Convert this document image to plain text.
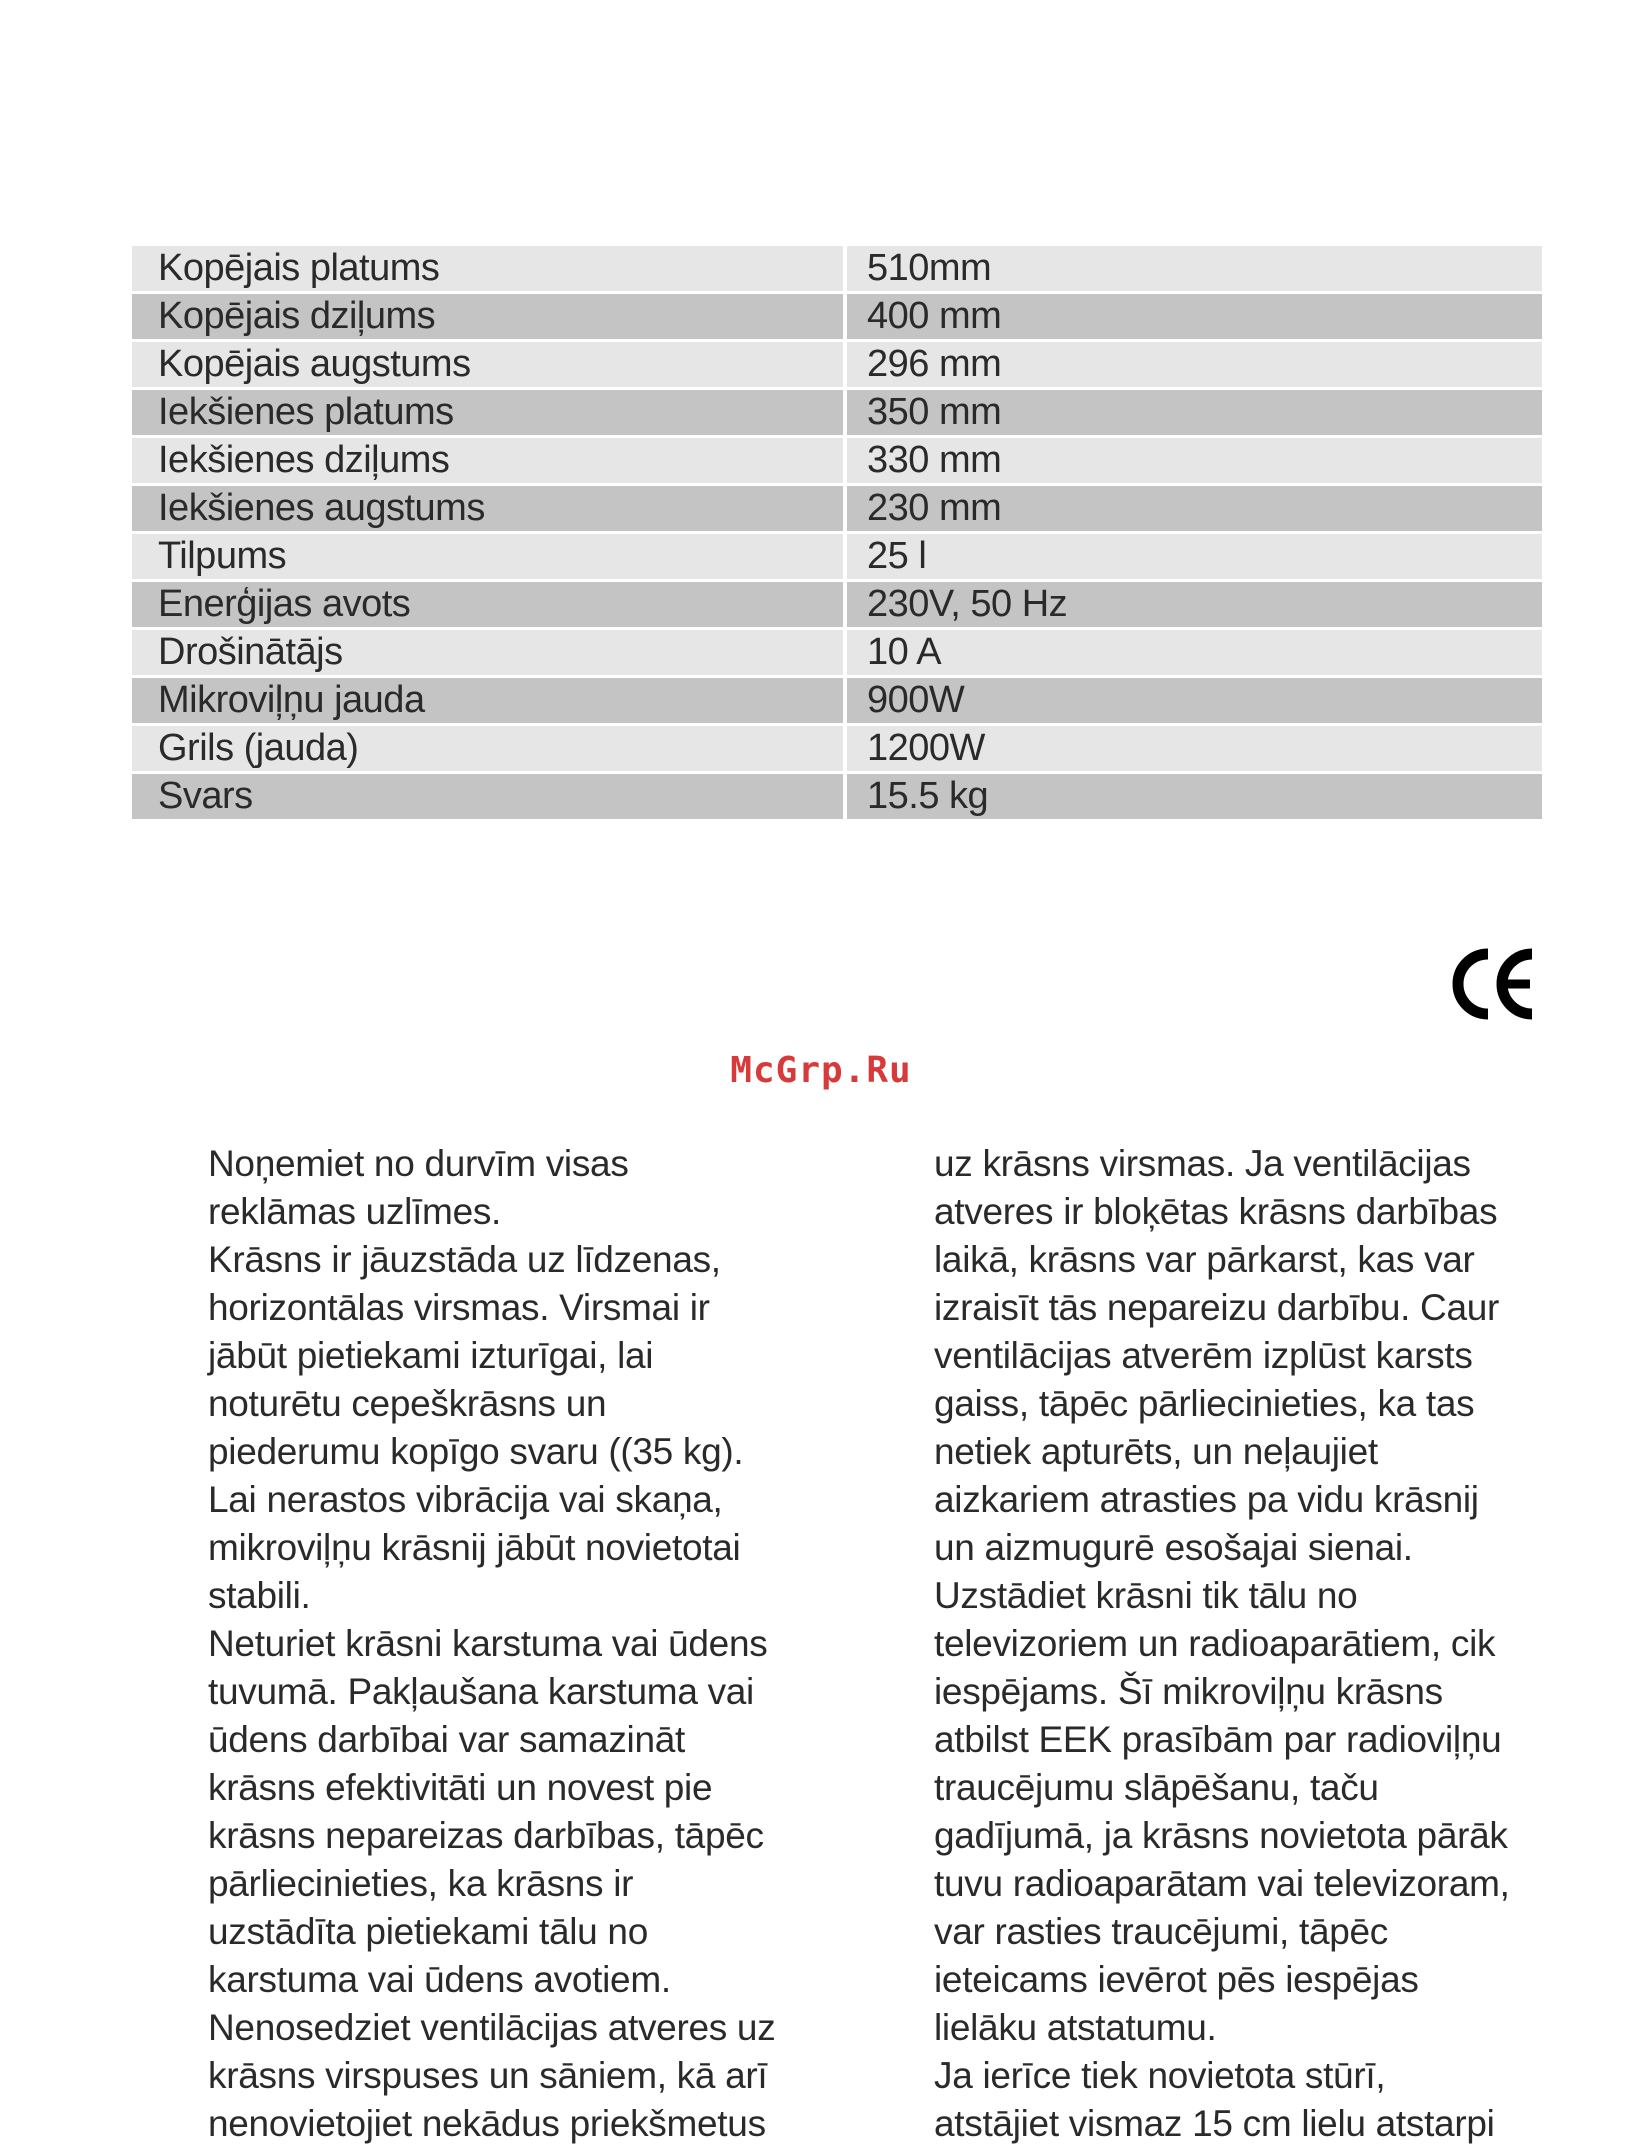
Kopējais platums	510mm
Kopējais dziļums	400 mm
Kopējais augstums	296 mm
Iekšienes platums	350 mm
Iekšienes dziļums	330 mm
Iekšienes augstums	230 mm
Tilpums	25 l
Enerģijas avots	230V, 50 Hz
Drošinātājs	10 A
Mikroviļņu jauda	900W
Grils (jauda)	1200W
Svars	15.5 kg
McGrp.Ru
Noņemiet no durvīm visas
reklāmas uzlīmes.
Krāsns ir jāuzstāda uz līdzenas,
horizontālas virsmas. Virsmai ir
jābūt pietiekami izturīgai, lai
noturētu cepeškrāsns un
piederumu kopīgo svaru ((35 kg).
Lai nerastos vibrācija vai skaņa,
mikroviļņu krāsnij jābūt novietotai
stabili.
Neturiet krāsni karstuma vai ūdens
tuvumā. Pakļaušana karstuma vai
ūdens darbībai var samazināt
krāsns efektivitāti un novest pie
krāsns nepareizas darbības, tāpēc
pārliecinieties, ka krāsns ir
uzstādīta pietiekami tālu no
karstuma vai ūdens avotiem.
Nenosedziet ventilācijas atveres uz
krāsns virspuses un sāniem, kā arī
nenovietojiet nekādus priekšmetus
uz krāsns virsmas. Ja ventilācijas
atveres ir bloķētas krāsns darbības
laikā, krāsns var pārkarst, kas var
izraisīt tās nepareizu darbību. Caur
ventilācijas atverēm izplūst karsts
gaiss, tāpēc pārliecinieties, ka tas
netiek apturēts, un neļaujiet
aizkariem atrasties pa vidu krāsnij
un aizmugurē esošajai sienai.
Uzstādiet krāsni tik tālu no
televizoriem un radioaparātiem, cik
iespējams. Šī mikroviļņu krāsns
atbilst EEK prasībām par radioviļņu
traucējumu slāpēšanu, taču
gadījumā, ja krāsns novietota pārāk
tuvu radioaparātam vai televizoram,
var rasties traucējumi, tāpēc
ieteicams ievērot pēs iespējas
lielāku atstatumu.
Ja ierīce tiek novietota stūrī,
atstājiet vismaz 15 cm lielu atstarpi
